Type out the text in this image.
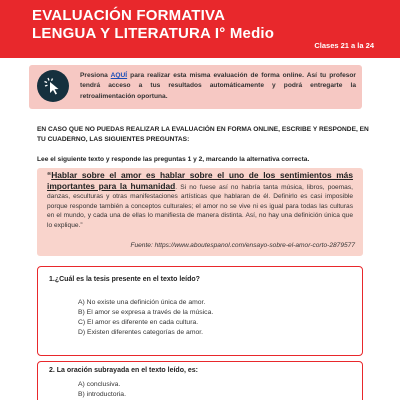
EVALUACIÓN FORMATIVA
LENGUA Y LITERATURA I° Medio
Clases 21 a la 24
Presiona AQUÍ para realizar esta misma evaluación de forma online. Así tu profesor tendrá acceso a tus resultados automáticamente y podrá entregarte la retroalimentación oportuna.
EN CASO QUE NO PUEDAS REALIZAR LA EVALUACIÓN EN FORMA ONLINE, ESCRIBE Y RESPONDE, EN TU CUADERNO, LAS SIGUIENTES PREGUNTAS:
Lee el siguiente texto y responde las preguntas 1 y 2, marcando la alternativa correcta.
“Hablar sobre el amor es hablar sobre el uno de los sentimientos más importantes para la humanidad. Si no fuese así no habría tanta música, libros, poemas, danzas, esculturas y otras manifestaciones artísticas que hablaran de él. Definirlo es casi imposible porque responde también a conceptos culturales; el amor no se vive ni es igual para todas las culturas en el mundo, y cada una de ellas lo manifiesta de manera distinta. Así, no hay una definición única que lo explique.”
Fuente: https://www.aboutespanol.com/ensayo-sobre-el-amor-corto-2879577
1.¿Cuál es la tesis presente en el texto leído?
A) No existe una definición única de amor.
B) El amor se expresa a través de la música.
C) El amor es diferente en cada cultura.
D) Existen diferentes categorías de amor.
2. La oración subrayada en el texto leído, es:
A) conclusiva.
B) introductoria.
